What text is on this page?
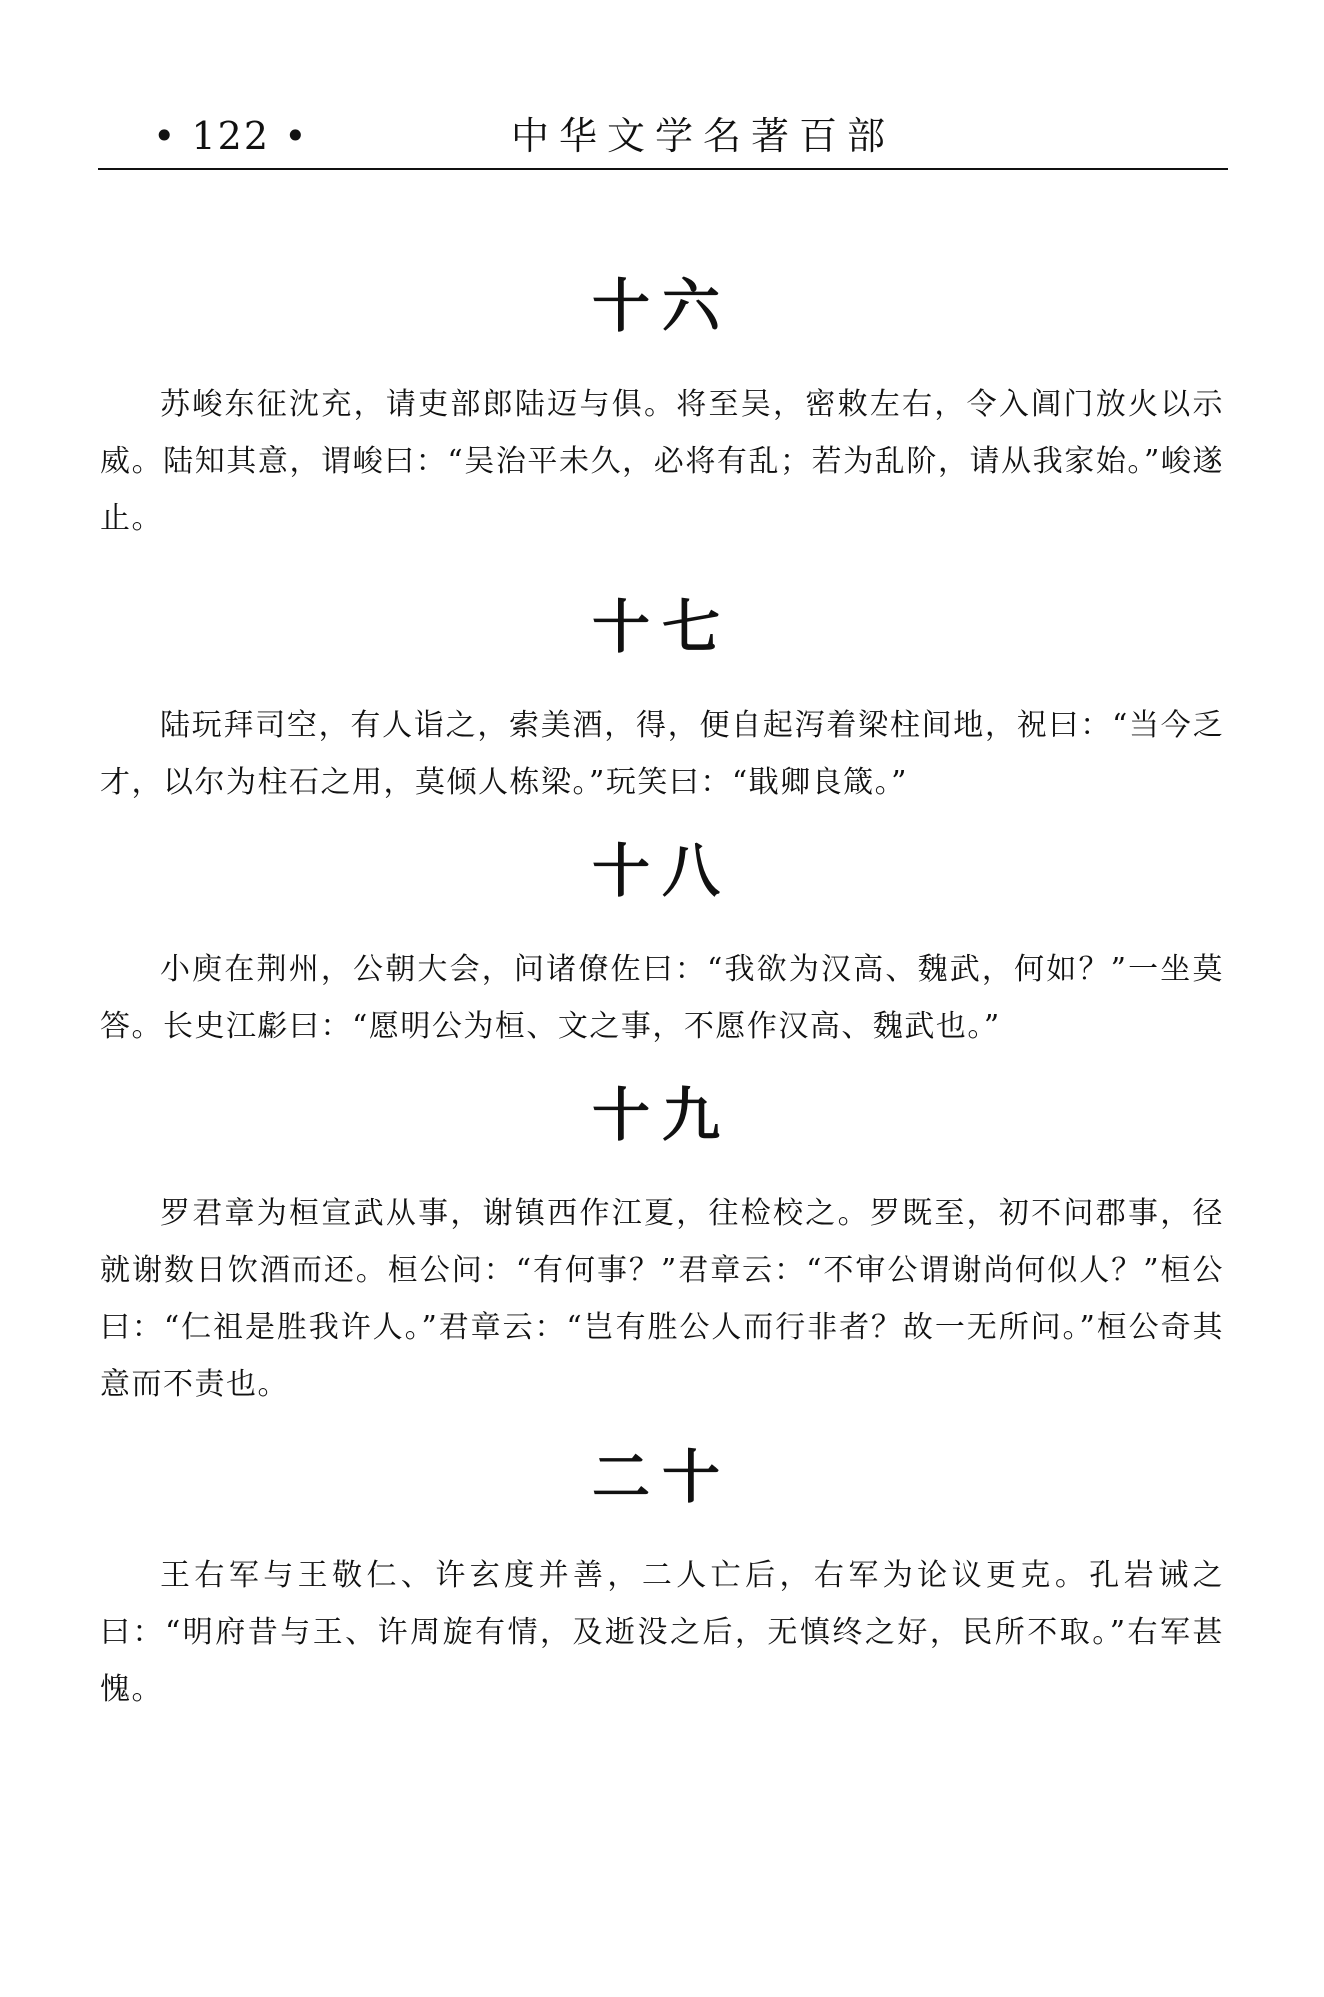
• 122 •	中华文学名著百部
十六

苏峻东征沈充，请吏部郎陆迈与俱。将至吴，密敕左右，令入阊门放火以示威。陆知其意，谓峻曰：“吴治平未久，必将有乱；若为乱阶，请从我家始。”峻遂止。

十七

陆玩拜司空，有人诣之，索美酒，得，便自起泻着梁柱间地，祝曰：“当今乏才，以尔为柱石之用，莫倾人栋梁。”玩笑曰：“戢卿良箴。”

十八

小庾在荆州，公朝大会，问诸僚佐曰：“我欲为汉高、魏武，何如？”一坐莫答。长史江虨曰：“愿明公为桓、文之事，不愿作汉高、魏武也。”

十九

罗君章为桓宣武从事，谢镇西作江夏，往检校之。罗既至，初不问郡事，径就谢数日饮酒而还。桓公问：“有何事？”君章云：“不审公谓谢尚何似人？”桓公曰：“仁祖是胜我许人。”君章云：“岂有胜公人而行非者？故一无所问。”桓公奇其意而不责也。

二十

王右军与王敬仁、许玄度并善，二人亡后，右军为论议更克。孔岩诫之曰：“明府昔与王、许周旋有情，及逝没之后，无慎终之好，民所不取。”右军甚愧。
